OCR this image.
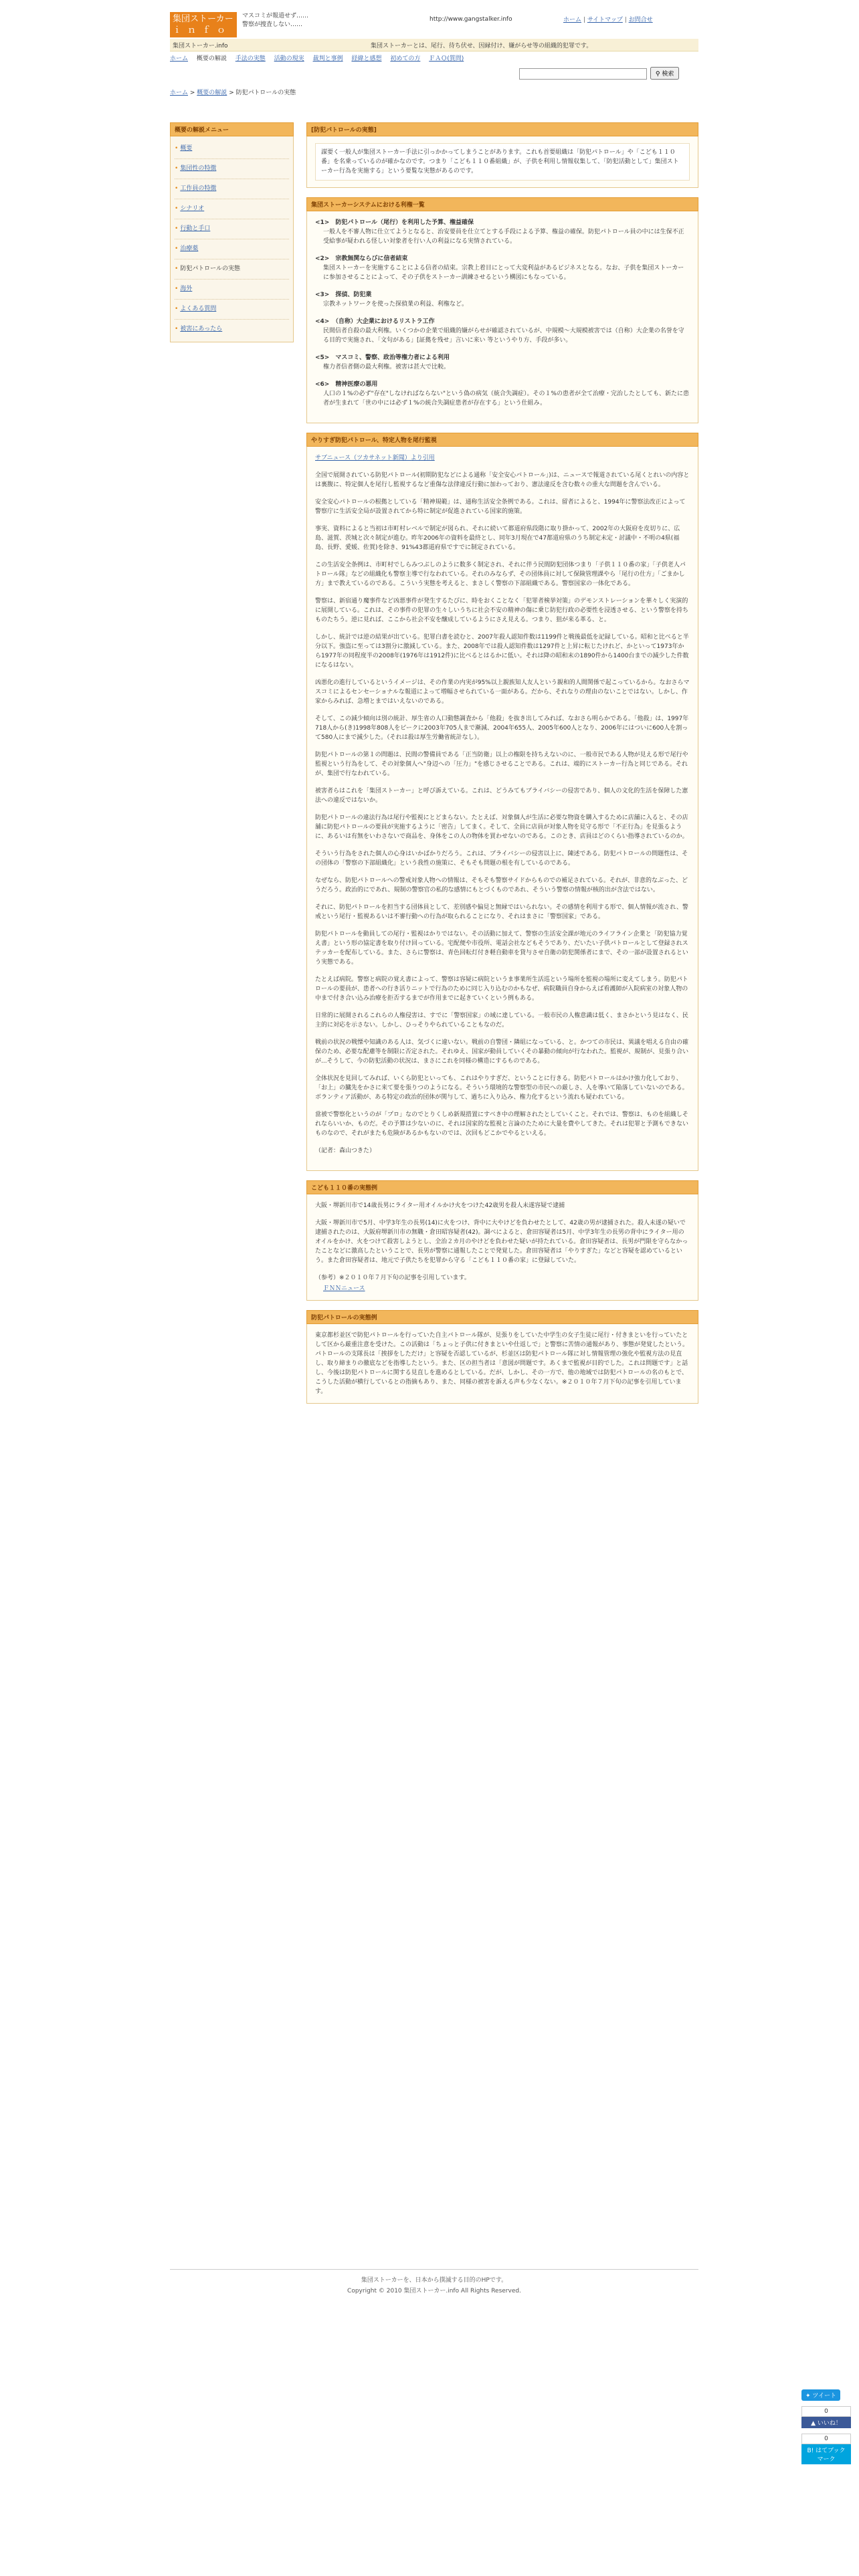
集団ストーカー
ｉｎｆｏ
マスコミが報道せず……
警察が捜査しない……
http://www.gangstalker.info	ホーム | サイトマップ | お問合せ
集団ストーカー.info	集団ストーカーとは、尾行、待ち伏せ、因縁付け、嫌がらせ等の組織的犯罪です。
ホーム 概要の解説 手法の実態 活動の現実 裁判と事例 経緯と感想 初めての方 ＦＡＱ(質問)
⚲ 検索
ホーム > 概要の解説 > 防犯パトロールの実態
概要の解説メニュー
• 概要
• 集団性の特徴
• 工作員の特徴
• シナリオ
• 行動と手口
• 治療薬
• 防犯パトロールの実態
• 海外
• よくある質問
• 被害にあったら
[防犯パトロールの実態]
謀要く一般人が集団ストーカー手法に引っかかってしまうことがあります。これも首要組織は「防犯パトロール」や「こども１１０番」を名乗っているのが確かなのです。つまり「こども１１０番組織」が、子供を利用し情報収集して、「防犯活動として」集団ストーカー行為を実施する」という要覧な実態があるのです。
集団ストーカーシステムにおける利権一覧
<1>　防犯パトロール（尾行）を利用した予算、権益確保
一般人を不審人物に仕立てようとなると、治安要員を仕立てとする手段による予算、権益の確保。防犯パトロール員の中には生保不正受給事が疑われる怪しい対象者を行い人の利益になる実情されている。
<2>　宗教無関ならびに信者結束
集団ストーカーを実施することによる信者の結束。宗教上着目にとって大変利益があるビジネスとなる。なお、子供を集団ストーカーに参加させることによって、その子供をストーカー訓練させるという構図にもなっている。
<3>　探偵、防犯業
宗教ネットワークを使った探偵業の利益、利権など。
<4>　（自称）大企業におけるリストラ工作
民間信者自殺の最大利権。いくつかの企業で組織的嫌がらせが確認されているが、中規模〜大規模被害では（自称）大企業の名誉を守る目的で実施され、「文句がある」[証拠を残せ」言いに来い 等というやり方、手段が多い。
<5>　マスコミ、警察、政治等権力者による利用
権力者信者側の最大利権。被害は甚大で比較。
<6>　精神医療の悪用
人口の１%の必ず"存在"しなければならない"という偽の病気（統合失調症）。その１%の患者が全て治療・完治したとしても、新たに患者が生まれて「世の中には必ず１%の統合失調症患者が存在する」という仕組み。
やりすぎ防犯パトロール、特定人物を尾行監視

サブニュース（ツカサネット新聞）より引用

全国で展開されている防犯パトロール(初期防犯などによる通称「安全安心パトロール」)は、ニュースで報道されている尾くとれいの内容とは裏腹に、特定個人を尾行し監視するなど重傷な法律違反行動に加わっており、憲法違反を含む数々の重大な問題を含んでいる。

安全安心パトロールの根拠としている「精神規範」は、通称生活安全条例である。これは、留者によると、1994年に警察法改正によって警察庁に生活安全局が設置されてから特に制定が促進されている国家的施策。

事実、資料によると当初は市町村レベルで制定が図られ、それに続いて都道府県段階に取り掛かって、2002年の大阪府を皮切りに、広島、滋賀、茨城と次々制定が進む。昨年2006年の資料を最終とし、同年3月現在で47都道府県のうち制定未定・討議中・不明の4県(福島、長野、愛媛、佐賀)を除き、91%43都道府県ですでに制定されている。

この生活安全条例は、市町村でしらみつぶしのように数多く制定され、それに伴う民間防犯団体つまり「子供１１０番の家」「子供老人パトロール隊」などの組織化も警察主導で行なわれている。それのみならず、その団体員に対して保険管理課やら「尾行の仕方」「ごまかし方」まで教えているのである。こういう実態を考えると、まさしく警察の下部組織である。警察国家の一体化である。

警察は、新宿通り魔事件など凶悪事件が発生するたびに、時をおくことなく「犯罪者検挙対策」のデモンストレーションを華々しく実演的に展開している。これは、その事件の犯罪の生々しいうちに社会不安の精神の傷に乗じ防犯行政の必要性を浸透させる、という警察を持ちものたちう。逆に見れば、ここから社会不安を醸成しているようにさえ見える。つまり、狙が来る革る、と。

しかし、統計では逆の結果が出ている。犯罪白書を読むと、2007年殺人認知件数は1199件と戦後最低を記録している。昭和と比べると半分以下。強盗に至っては3割分に激減している。また、2008年では殺人認知件数は1297件と上昇に転じたけれど、かといって1973年から1977年の同程度半の2008年(1976年は1912件)に比べるとはるかに低い。それは降の昭和末の1890件から1400台までの減少した件数になるはない。

凶悪化の進行しているというイメージは、その作業の内実が95%以上親族知人友人という親和的人間関係で起こっているから。なおさらマスコミによるセンセーショナルな報道によって増幅させられている一面がある。だから、それなりの理由のないことではない。しかし、作家からみれば、急増とまではいえないのである。

そして、この減少傾向は別の統計、厚生省の人口動態調査から「他殺」を抜き出してみれば、なおさら明らかである。「他殺」は、1997年718人から(き)1998年808人をピークに2003年705人まで漸減、2004年655人、2005年600人となり、2006年にはついに600人を割って580人にまで減少した。（それは殺は厚生労働省統計なし）。

防犯パトロールの第１の問題は、民間の警備員である「正当防衛」以上の権限を持ちえないのに、一般市民である人物が見える形で尾行や監視という行為をして、その対象個人へ"身辺への「圧力」"を感じさせることである。これは、端的にストーカー行為と同じである。それが、集団で行なわれている。

被害者らはこれを「集団ストーカー」と呼び訴えている。これは、どうみてもプライバシーの侵害であり、個人の文化的生活を保障した憲法への違反ではないか。

防犯パトロールの違法行為は尾行や監視にとどまらない。たとえば、対象個人が生活に必要な物資を購入するために店舗に入ると、その店舗に防犯パトロールの要員が実施するように「密告」してまく。そして、全員に店員が対象人物を見守る形で「不正行為」を見張るように、あるいは有無をいわさないで商品を、身体をこの人の物体を買わせないのである。このとき、店員はどのくらい指導されているのか。

そういう行為をされた個人の心身はいかばかりだろう。これは、プライバシーの侵害以上に、陳述である。防犯パトロールの問題性は、その団体の「警察の下部組織化」という我性の施策に、そもそも問題の根を有しているのである。

なぜなら、防犯パトロールへの警戒対象人物への情報は、そもそも警察サイドからものでの補足されている。それが、非意的なぶった、どうだろう。政治的にであれ、規制の警察官の私的な感情にもとづくものであれ、そういう警察の情報が核的出が含法ではない。

それに、防犯パトロールを担当する団体員として、差別感や偏見と無縁ではいられない。その感情を利用する形で、個人情報が流され、警戒という尾行・監視あるいは不審行動への行為が取られることになり、それはまさに「警察国家」である。

防犯パトロールを動員しての尾行・監視はかりではない。その活動に加えて、警察の生活安全課が地元のライフライン企業と「防犯協力覚え書」という形の協定書を取り付け回っている。宅配便や市役所、電話会社などもそうであり、だいたい子供パトロールとして登録されステッカーを配布している。また、さらに警察は、青色回転灯付き軽自動車を貸与させ自衛の防犯関係者にまで、その一部が設置されるという実態である。

たとえば病院。警察と病院の覚え書によって、警察は容疑に病院というま事業所生活巡という場所を監視の場所に変えてしまう。防犯パトロールの要員が、患者への行き活りニットで行為のために同じ入り込むのかもなぜ、病院職員自身からえば看護師が入院病室の対象人物の中まで付き合い込み治療を拒否するまでが作用までに起きていくという例もある。

日常的に展開されるこれらの人権侵害は、すでに「警察国家」の域に達している。一般市民の人権意識は低く、まさかという見はなく、民主的に対応を示さない。しかし、ひっそりやられていることもなのだ。

戦前の状況の戦慄や知識のある人は、気づくに違いない。戦前の自警団・隣組になっている、と。かつての市民は、異議を唱える自由の確保のため、必要な配慮等を制限に否定された。それゆえ、国家が動員していくその暴動の傾向が行なわれた。監視が、規制が、見張り合いが...そうして、今の防犯活動の状況は、まさにこれを同様の構造にするものである。

全体状況を見回してみれば、いくら防犯といっても、これはやりすぎだ、ということに行きる。防犯パトロールはかけ強力化しており、「お上」の臓先をかさに来て要を張りつのようになる。そういう環境的な警察型の市民への厳しさ、人を導いて陥落していないのである。ボランティア活動が、ある特定の政治的団体が関与して、過ちに入り込み、権力化するという流れも疑われている。

當被で警察化というのが「プロ」なのでとりくしめ新規措置にすべき中の理解されたとしていくこと。それでは、警察は、ものを組織しそれならいいか、ものだ。その予算は少ないのに、それは国家的な監視と言論のたために大量を費やしてきた。それは犯罪と予測もできないものなので、それがまたも危険があるかもないのでは、次回もどこかでやるといえる。

（記者：森山つきた）

こども１１０番の実態例

大阪・堺新川市で14歳長男にライター用オイルかけ火をつけた42歳男を殺人未遂容疑で逮捕

大阪・堺新川市で5月、中学3年生の長男(14)に火をつけ、背中に大やけどを負わせたとして、42歳の男が逮捕された。殺人未遂の疑いで逮捕されたのは、大阪府堺新川市の無職・倉田昭容疑者(42)。調べによると、倉田容疑者は5月、中学3年生の長男の背中にライター用のオイルをかけ、火をつけて殺害しようとし、全治２カ月のやけどを負わせた疑いが持たれている。倉田容疑者は、長男が門限を守らなかったことなどに激高したということで、長男が警察に通報したことで発覚した。倉田容疑者は「やりすぎた」などと容疑を認めているという。また倉田容疑者は、地元で子供たちを犯罪から守る「こども１１０番の家」に登録していた。

（参考）※２０１０年７月下旬の記事を引用しています。

ＦＮＮニュース

防犯パトロールの実態例

東京都杉並区で防犯パトロールを行っていた自主パトロール隊が、見張りをしていた中学生の女子生徒に尾行・付きまといを行っていたとして区から厳重注意を受けた。この活動は「ちょっと子供に付きまといや仕返しで」と警察に苦情の通報があり、事態が発覚したという。パトロールの支隊長は「挨拶をしただけ」と容疑を否認しているが、杉並区は防犯パトロール隊に対し情報管理の強化や監視方法の見直し、取り締まりの徹底などを指導したという。また、区の担当者は「意図が問題です。あくまで監視が目的でした。これは問題です」と話し、今後は防犯パトロールに関する見直しを進めるとしている。だが、しかし、その一方で、他の地域では防犯パトロールの名のもとで、こうした活動が横行しているとの指摘もあり、また、同様の被害を訴える声も少なくない。※２０１０年７月下旬の記事を引用しています。

集団ストーカーを、日本から撲滅する目的のHPです。
Copyright © 2010 集団ストーカー.info All Rights Reserved.
✦ ツイート
0
▲ いいね！
0
B! はてブックマーク
